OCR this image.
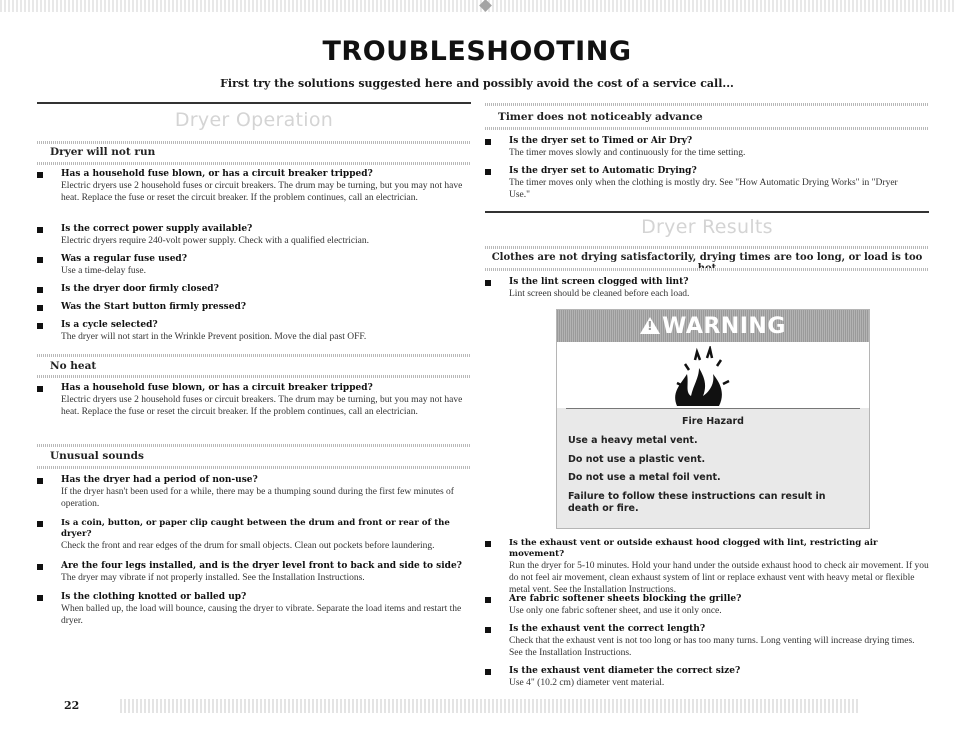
TROUBLESHOOTING
First try the solutions suggested here and possibly avoid the cost of a service call...
Dryer Operation
Dryer will not run
Has a household fuse blown, or has a circuit breaker tripped?
Electric dryers use 2 household fuses or circuit breakers. The drum may be turning, but you may not have heat. Replace the fuse or reset the circuit breaker. If the problem continues, call an electrician.
Is the correct power supply available?
Electric dryers require 240-volt power supply. Check with a qualified electrician.
Was a regular fuse used?
Use a time-delay fuse.
Is the dryer door firmly closed?
Was the Start button firmly pressed?
Is a cycle selected?
The dryer will not start in the Wrinkle Prevent position. Move the dial past OFF.
No heat
Has a household fuse blown, or has a circuit breaker tripped?
Electric dryers use 2 household fuses or circuit breakers. The drum may be turning, but you may not have heat. Replace the fuse or reset the circuit breaker. If the problem continues, call an electrician.
Unusual sounds
Has the dryer had a period of non-use?
If the dryer hasn't been used for a while, there may be a thumping sound during the first few minutes of operation.
Is a coin, button, or paper clip caught between the drum and front or rear of the dryer?
Check the front and rear edges of the drum for small objects. Clean out pockets before laundering.
Are the four legs installed, and is the dryer level front to back and side to side?
The dryer may vibrate if not properly installed. See the Installation Instructions.
Is the clothing knotted or balled up?
When balled up, the load will bounce, causing the dryer to vibrate. Separate the load items and restart the dryer.
Timer does not noticeably advance
Is the dryer set to Timed or Air Dry?
The timer moves slowly and continuously for the time setting.
Is the dryer set to Automatic Drying?
The timer moves only when the clothing is mostly dry. See "How Automatic Drying Works" in "Dryer Use."
Dryer Results
Clothes are not drying satisfactorily, drying times are too long, or load is too
Is the lint screen clogged with lint?
Lint screen should be cleaned before each load.
!WARNING
Fire Hazard
Use a heavy metal vent.
Do not use a plastic vent.
Do not use a metal foil vent.
Failure to follow these instructions can result in death or fire.
Is the exhaust vent or outside exhaust hood clogged with lint, restricting air movement?
Run the dryer for 5-10 minutes. Hold your hand under the outside exhaust hood to check air movement. If you do not feel air movement, clean exhaust system of lint or replace exhaust vent with heavy metal or flexible metal vent. See the Installation Instructions.
Are fabric softener sheets blocking the grille?
Use only one fabric softener sheet, and use it only once.
Is the exhaust vent the correct length?
Check that the exhaust vent is not too long or has too many turns. Long venting will increase drying times. See the Installation Instructions.
Is the exhaust vent diameter the correct size?
Use 4" (10.2 cm) diameter vent material.
22
